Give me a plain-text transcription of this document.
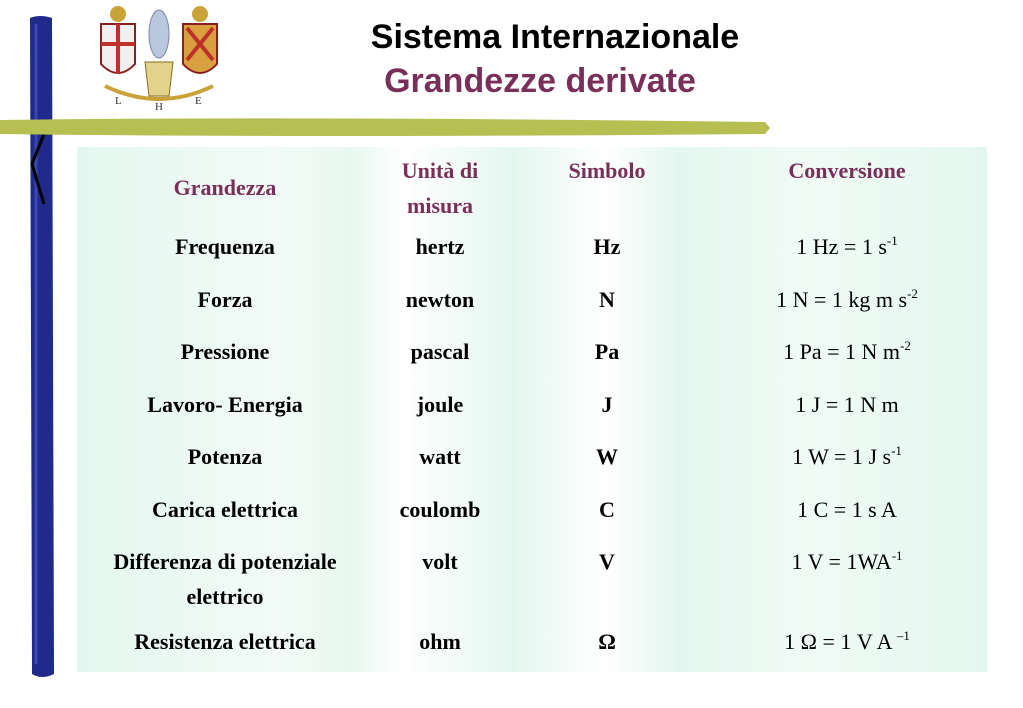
L	H	E
Sistema Internazionale
Grandezze derivate
Grandezza	Unità di misura	Simbolo	Conversione
Frequenza	hertz	Hz	1 Hz = 1 $s^{-1}$
Forza	newton	N	1 N = 1 kg m $s^{-2}$
Pressione	pascal	Pa	1 Pa = 1 N $m^{-2}$
Lavoro- Energia	joule	J	1 J = 1 N m
Potenza	watt	W	1 W = 1 J $s^{-1}$
Carica elettrica	coulomb	C	1 C = 1 s A
Differenza di potenziale elettrico	volt	V	1 $V = 1WA^{-1}$
Resistenza elettrica	ohm	Ω	1 Ω = 1 V A $^{-1}$
